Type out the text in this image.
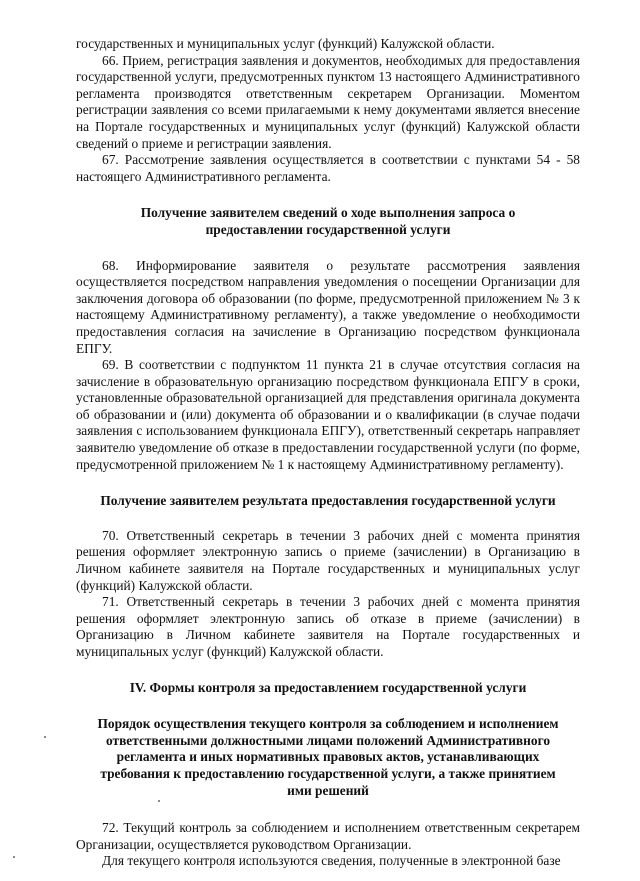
государственных и муниципальных услуг (функций) Калужской области.

66. Прием, регистрация заявления и документов, необходимых для предоставления государственной услуги, предусмотренных пунктом 13 настоящего Административного регламента производятся ответственным секретарем Организации. Моментом регистрации заявления со всеми прилагаемыми к нему документами является внесение на Портале государственных и муниципальных услуг (функций) Калужской области сведений о приеме и регистрации заявления.

67. Рассмотрение заявления осуществляется в соответствии с пунктами 54 - 58 настоящего Административного регламента.

Получение заявителем сведений о ходе выполнения запроса о

предоставлении государственной услуги

68. Информирование заявителя о результате рассмотрения заявления осуществляется посредством направления уведомления о посещении Организации для заключения договора об образовании (по форме, предусмотренной приложением № 3 к настоящему Административному регламенту), а также уведомление о необходимости предоставления согласия на зачисление в Организацию посредством функционала ЕПГУ.

69. В соответствии с подпунктом 11 пункта 21 в случае отсутствия согласия на зачисление в образовательную организацию посредством функционала ЕПГУ в сроки, установленные образовательной организацией для представления оригинала документа об образовании и (или) документа об образовании и о квалификации (в случае подачи заявления с использованием функционала ЕПГУ), ответственный секретарь направляет заявителю уведомление об отказе в предоставлении государственной услуги (по форме, предусмотренной приложением № 1 к настоящему Административному регламенту).

Получение заявителем результата предоставления государственной услуги

70. Ответственный секретарь в течении 3 рабочих дней с момента принятия решения оформляет электронную запись о приеме (зачислении) в Организацию в Личном кабинете заявителя на Портале государственных и муниципальных услуг (функций) Калужской области.

71. Ответственный секретарь в течении 3 рабочих дней с момента принятия решения оформляет электронную запись об отказе в приеме (зачислении) в Организацию в Личном кабинете заявителя на Портале государственных и муниципальных услуг (функций) Калужской области.

IV. Формы контроля за предоставлением государственной услуги

Порядок осуществления текущего контроля за соблюдением и исполнением

ответственными должностными лицами положений Административного

регламента и иных нормативных правовых актов, устанавливающих

требования к предоставлению государственной услуги, а также принятием

ими решений

72. Текущий контроль за соблюдением и исполнением ответственным секретарем Организации, осуществляется руководством Организации.

Для текущего контроля используются сведения, полученные в электронной базе
